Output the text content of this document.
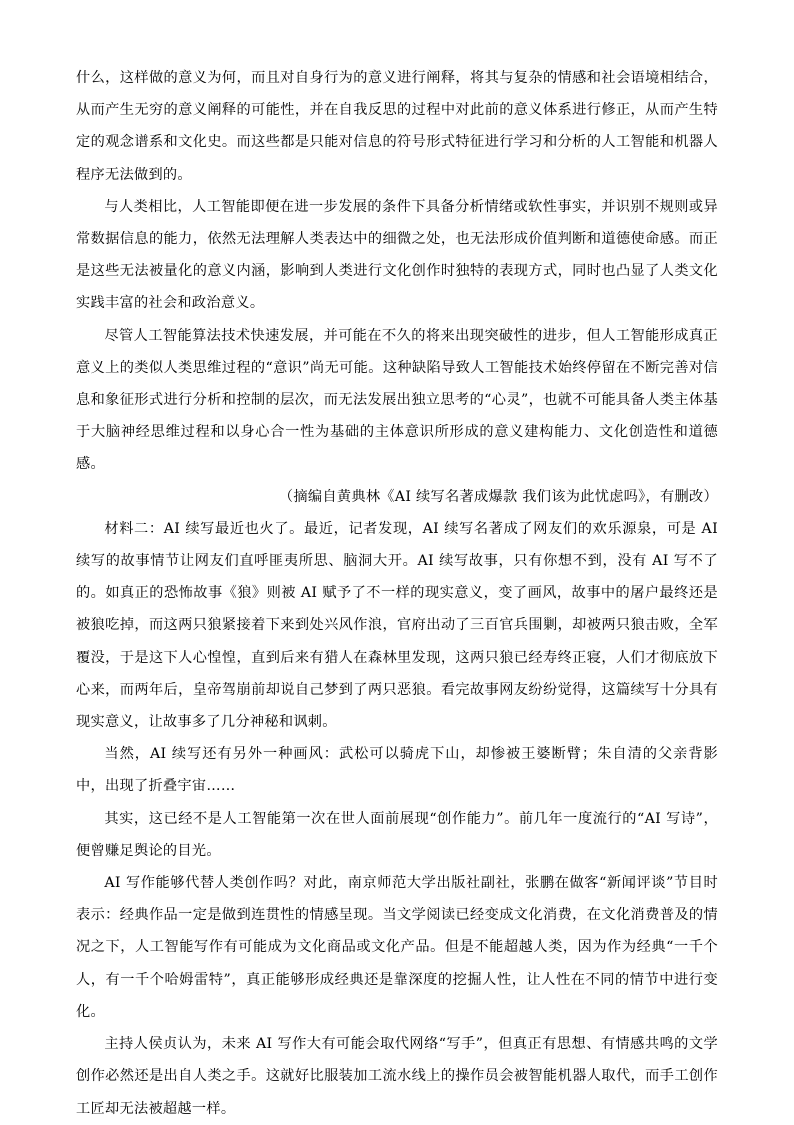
什么，这样做的意义为何，而且对自身行为的意义进行阐释，将其与复杂的情感和社会语境相结合，从而产生无穷的意义阐释的可能性，并在自我反思的过程中对此前的意义体系进行修正，从而产生特定的观念谱系和文化史。而这些都是只能对信息的符号形式特征进行学习和分析的人工智能和机器人程序无法做到的。

与人类相比，人工智能即便在进一步发展的条件下具备分析情绪或软性事实，并识别不规则或异常数据信息的能力，依然无法理解人类表达中的细微之处，也无法形成价值判断和道德使命感。而正是这些无法被量化的意义内涵，影响到人类进行文化创作时独特的表现方式，同时也凸显了人类文化实践丰富的社会和政治意义。

尽管人工智能算法技术快速发展，并可能在不久的将来出现突破性的进步，但人工智能形成真正意义上的类似人类思维过程的“意识”尚无可能。这种缺陷导致人工智能技术始终停留在不断完善对信息和象征形式进行分析和控制的层次，而无法发展出独立思考的“心灵”，也就不可能具备人类主体基于大脑神经思维过程和以身心合一性为基础的主体意识所形成的意义建构能力、文化创造性和道德感。

（摘编自黄典林《AI 续写名著成爆款 我们该为此忧虑吗》，有删改）

材料二：AI 续写最近也火了。最近，记者发现，AI 续写名著成了网友们的欢乐源泉，可是 AI 续写的故事情节让网友们直呼匪夷所思、脑洞大开。AI 续写故事，只有你想不到，没有 AI 写不了的。如真正的恐怖故事《狼》则被 AI 赋予了不一样的现实意义，变了画风，故事中的屠户最终还是被狼吃掉，而这两只狼紧接着下来到处兴风作浪，官府出动了三百官兵围剿，却被两只狼击败，全军覆没，于是这下人心惶惶，直到后来有猎人在森林里发现，这两只狼已经寿终正寝，人们才彻底放下心来，而两年后，皇帝驾崩前却说自己梦到了两只恶狼。看完故事网友纷纷觉得，这篇续写十分具有现实意义，让故事多了几分神秘和讽刺。

当然，AI 续写还有另外一种画风：武松可以骑虎下山，却惨被王婆断臂；朱自清的父亲背影中，出现了折叠宇宙……

其实，这已经不是人工智能第一次在世人面前展现“创作能力”。前几年一度流行的“AI 写诗”，便曾赚足舆论的目光。

AI 写作能够代替人类创作吗？对此，南京师范大学出版社副社，张鹏在做客“新闻评谈”节目时表示：经典作品一定是做到连贯性的情感呈现。当文学阅读已经变成文化消费，在文化消费普及的情况之下，人工智能写作有可能成为文化商品或文化产品。但是不能超越人类，因为作为经典“一千个人，有一千个哈姆雷特”，真正能够形成经典还是靠深度的挖掘人性，让人性在不同的情节中进行变化。

主持人侯贞认为，未来 AI 写作大有可能会取代网络“写手”，但真正有思想、有情感共鸣的文学创作必然还是出自人类之手。这就好比服装加工流水线上的操作员会被智能机器人取代，而手工创作工匠却无法被超越一样。
